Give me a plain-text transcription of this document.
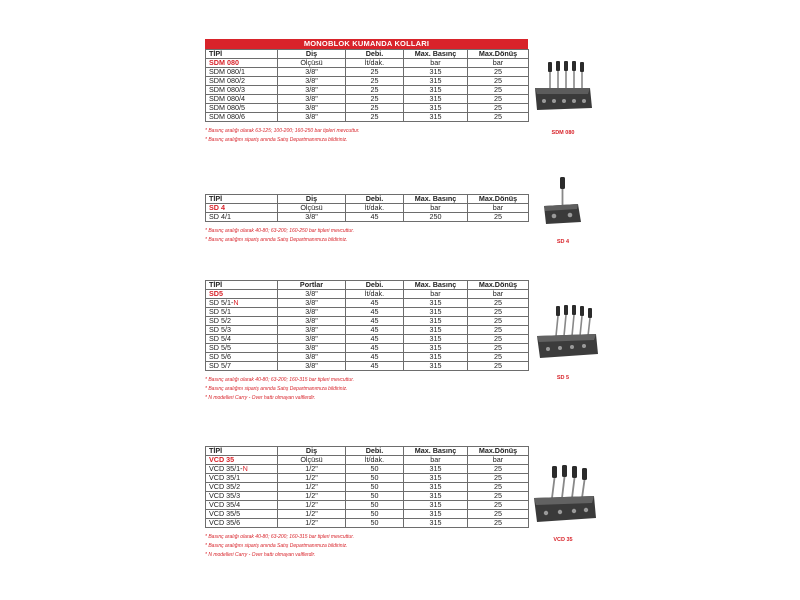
MONOBLOK KUMANDA KOLLARI
TİPİ	Diş	Debi.	Max. Basınç	Max.Dönüş
SDM 080	Ölçüsü	lt/dak.	bar	bar
SDM 080/1	3/8"	25	315	25
SDM 080/2	3/8"	25	315	25
SDM 080/3	3/8"	25	315	25
SDM 080/4	3/8"	25	315	25
SDM 080/5	3/8"	25	315	25
SDM 080/6	3/8"	25	315	25
* Basınç aralığı olarak 63-125; 100-200; 160-250 bar tipleri mevcuttur.
* Basınç aralığını sipariş anında Satış Departmanımıza bildiriniz.
TİPİ	Diş	Debi.	Max. Basınç	Max.Dönüş
SD 4	Ölçüsü	lt/dak.	bar	bar
SD 4/1	3/8"	45	250	25
* Basınç aralığı olarak 40-80; 63-200; 160-250 bar tipleri mevcuttur.
* Basınç aralığını sipariş anında Satış Departmanımıza bildiriniz.
TİPİ	Portlar	Debi.	Max. Basınç	Max.Dönüş
SD5	3/8"	lt/dak.	bar	bar
SD 5/1-N	3/8"	45	315	25
SD 5/1	3/8"	45	315	25
SD 5/2	3/8"	45	315	25
SD 5/3	3/8"	45	315	25
SD 5/4	3/8"	45	315	25
SD 5/5	3/8"	45	315	25
SD 5/6	3/8"	45	315	25
SD 5/7	3/8"	45	315	25
* Basınç aralığı olarak 40-80; 63-200; 160-315 bar tipleri mevcuttur.
* Basınç aralığını sipariş anında Satış Departmanımıza bildiriniz.
* N modelleri Carry - Over hattı olmayan valflerdir.
TİPİ	Diş	Debi.	Max. Basınç	Max.Dönüş
VCD 35	Ölçüsü	lt/dak.	bar	bar
VCD 35/1-N	1/2"	50	315	25
VCD 35/1	1/2"	50	315	25
VCD 35/2	1/2"	50	315	25
VCD 35/3	1/2"	50	315	25
VCD 35/4	1/2"	50	315	25
VCD 35/5	1/2"	50	315	25
VCD 35/6	1/2"	50	315	25
* Basınç aralığı olarak 40-80; 63-200; 160-315 bar tipleri mevcuttur.
* Basınç aralığını sipariş anında Satış Departmanımıza bildiriniz.
* N modelleri Carry - Over hattı olmayan valflerdir.
SDM 080
SD 4
SD 5
VCD 35
